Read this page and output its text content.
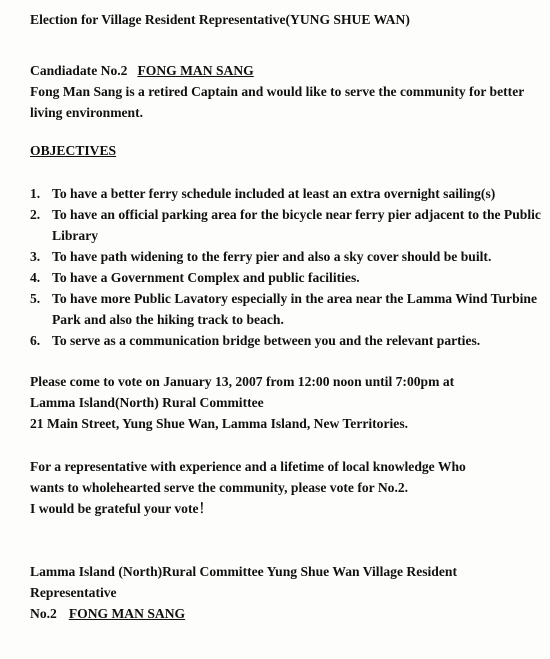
Election for Village Resident Representative(YUNG SHUE WAN)

Candiadate No.2 FONG MAN SANG

Fong Man Sang is a retired Captain and would like to serve the community for better living environment.

OBJECTIVES

1. To have a better ferry schedule included at least an extra overnight sailing(s)
2. To have an official parking area for the bicycle near ferry pier adjacent to the Public Library
3. To have path widening to the ferry pier and also a sky cover should be built.
4. To have a Government Complex and public facilities.
5. To have more Public Lavatory especially in the area near the Lamma Wind Turbine Park and also the hiking track to beach.
6. To serve as a communication bridge between you and the relevant parties.

Please come to vote on January 13, 2007 from 12:00 noon until 7:00pm at

Lamma Island(North) Rural Committee

21 Main Street, Yung Shue Wan, Lamma Island, New Territories.

For a representative with experience and a lifetime of local knowledge Who

wants to wholehearted serve the community, please vote for No.2.

I would be grateful your vote！

Lamma Island (North)Rural Committee Yung Shue Wan Village Resident Representative

No.2 FONG MAN SANG
